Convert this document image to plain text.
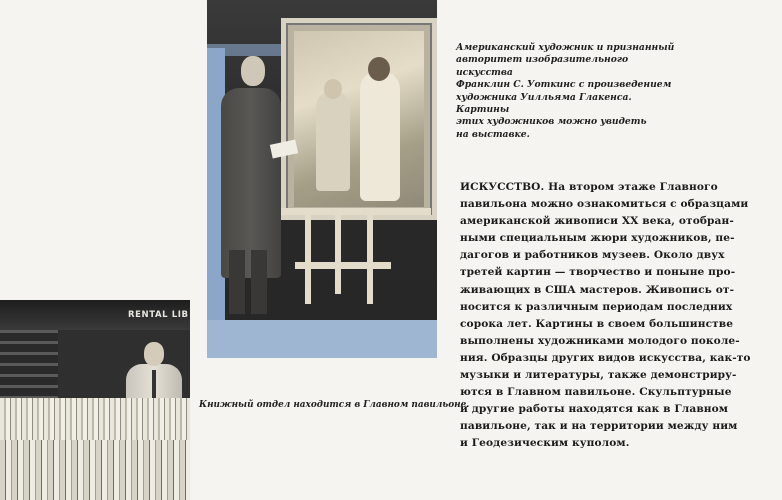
Американский художник и признанный
авторитет изобразительного искусства
Франклин С. Уоткинс с произведением
художника Уилльяма Глакенса. Картины
этих художников можно увидеть
на выставке.

ИСКУССТВО. На втором этаже Главного
павильона можно ознакомиться с образцами
американской живописи XX века, отобран-
ными специальным жюри художников, пе-
дагогов и работников музеев. Около двух
третей картин — творчество и поныне про-
живающих в США мастеров. Живопись от-
носится к различным периодам последних
сорока лет. Картины в своем большинстве
выполнены художниками молодого поколе-
ния. Образцы других видов искусства, как-то
музыки и литературы, также демонстриру-
ются в Главном павильоне. Скульптурные
и другие работы находятся как в Главном
павильоне, так и на территории между ним
и Геодезическим куполом.

RENTAL LIB

Книжный отдел находится в Главном павильоне.
